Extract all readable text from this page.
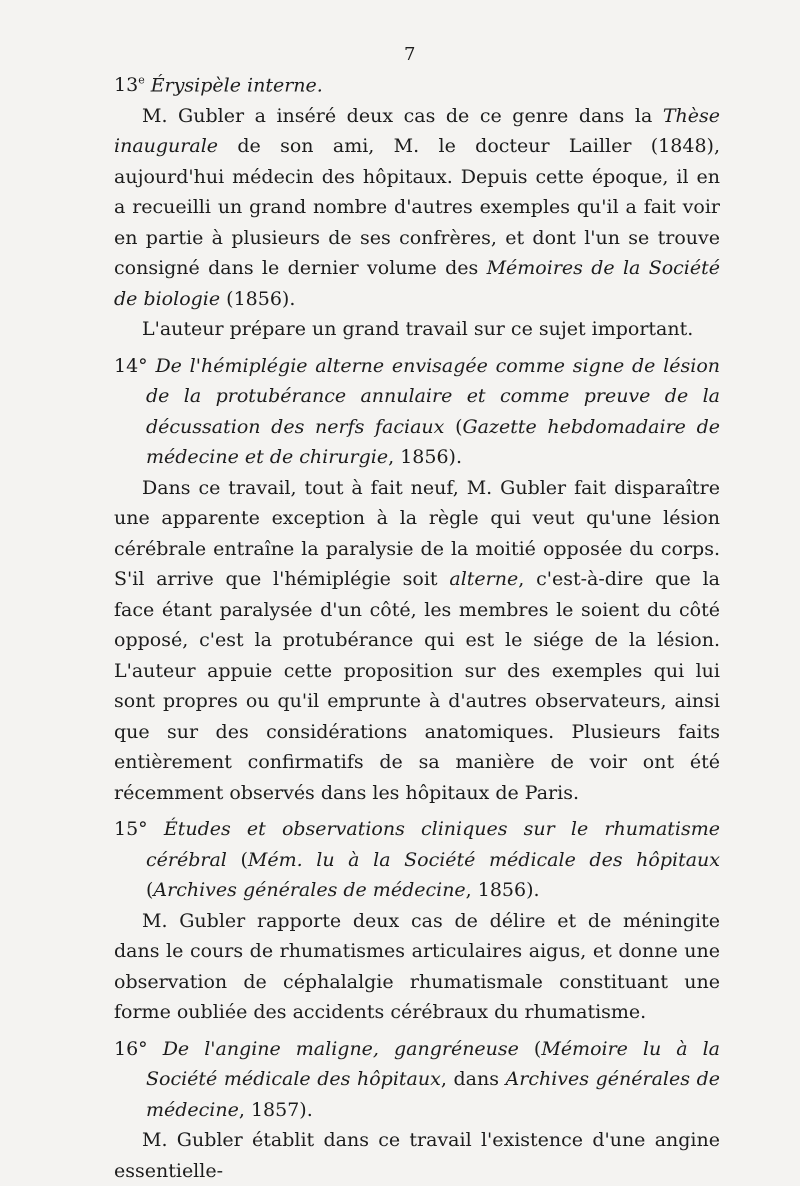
7

13e Érysipèle interne.

M. Gubler a inséré deux cas de ce genre dans la Thèse inaugurale de son ami, M. le docteur Lailler (1848), aujourd'hui médecin des hôpitaux. Depuis cette époque, il en a recueilli un grand nombre d'autres exemples qu'il a fait voir en partie à plusieurs de ses confrères, et dont l'un se trouve consigné dans le dernier volume des Mémoires de la Société de biologie (1856).

L'auteur prépare un grand travail sur ce sujet important.

14° De l'hémiplégie alterne envisagée comme signe de lésion de la protubérance annulaire et comme preuve de la décussation des nerfs faciaux (Gazette hebdomadaire de médecine et de chirurgie, 1856).

Dans ce travail, tout à fait neuf, M. Gubler fait disparaître une apparente exception à la règle qui veut qu'une lésion cérébrale entraîne la paralysie de la moitié opposée du corps. S'il arrive que l'hémiplégie soit alterne, c'est-à-dire que la face étant paralysée d'un côté, les membres le soient du côté opposé, c'est la protubérance qui est le siége de la lésion. L'auteur appuie cette proposition sur des exemples qui lui sont propres ou qu'il emprunte à d'autres observateurs, ainsi que sur des considérations anatomiques. Plusieurs faits entièrement confirmatifs de sa manière de voir ont été récemment observés dans les hôpitaux de Paris.

15° Études et observations cliniques sur le rhumatisme cérébral (Mém. lu à la Société médicale des hôpitaux (Archives générales de médecine, 1856).

M. Gubler rapporte deux cas de délire et de méningite dans le cours de rhumatismes articulaires aigus, et donne une observation de céphalalgie rhumatismale constituant une forme oubliée des accidents cérébraux du rhumatisme.

16° De l'angine maligne, gangréneuse (Mémoire lu à la Société médicale des hôpitaux, dans Archives générales de médecine, 1857).

M. Gubler établit dans ce travail l'existence d'une angine essentielle-
